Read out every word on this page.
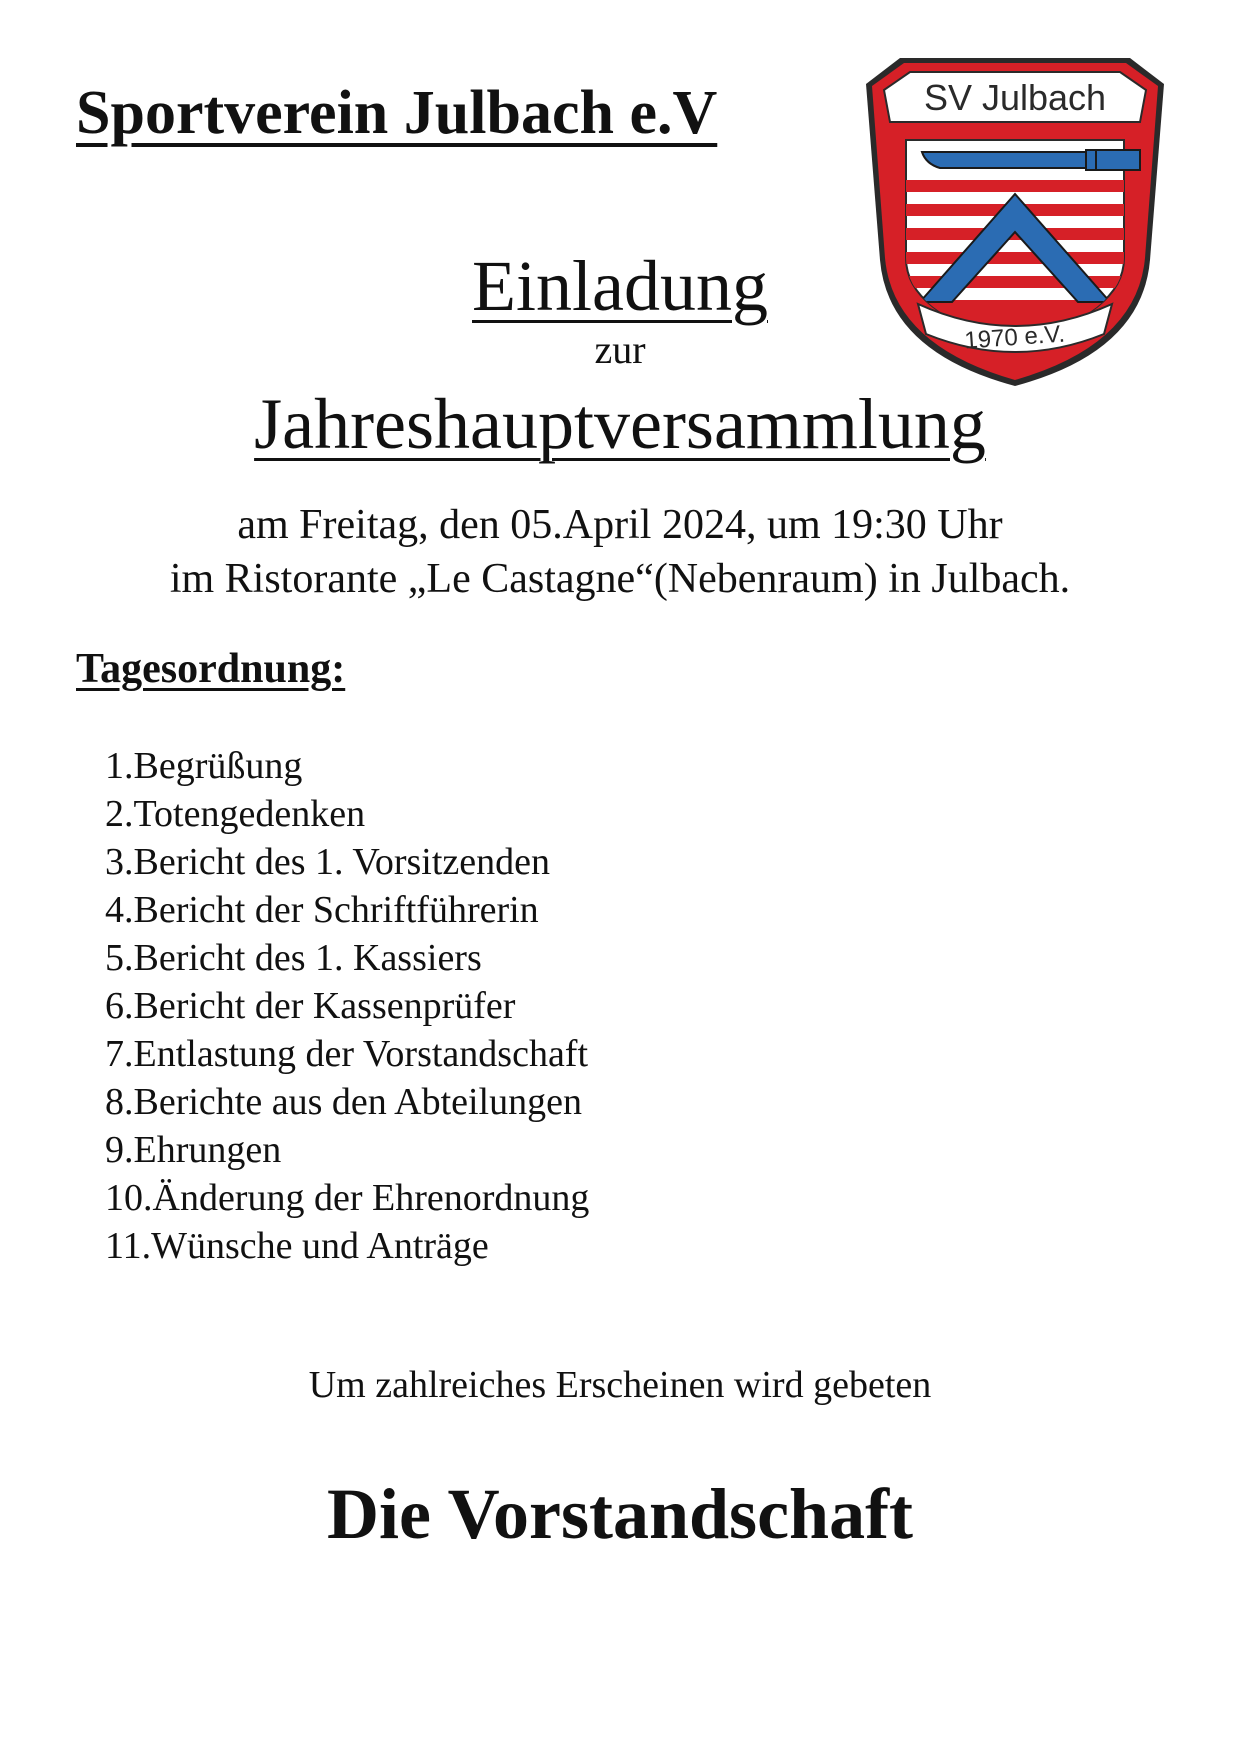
Sportverein Julbach e.V	SV Julbach
1970 e.V.
Einladung

zur

Jahreshauptversammlung

am Freitag, den 05.April 2024, um 19:30 Uhr

im Ristorante „Le Castagne“(Nebenraum) in Julbach.

Tagesordnung:
1.Begrüßung
2.Totengedenken
3.Bericht des 1. Vorsitzenden
4.Bericht der Schriftführerin
5.Bericht des 1. Kassiers
6.Bericht der Kassenprüfer
7.Entlastung der Vorstandschaft
8.Berichte aus den Abteilungen
9.Ehrungen
10.Änderung der Ehrenordnung
11.Wünsche und Anträge

Um zahlreiches Erscheinen wird gebeten

Die Vorstandschaft
